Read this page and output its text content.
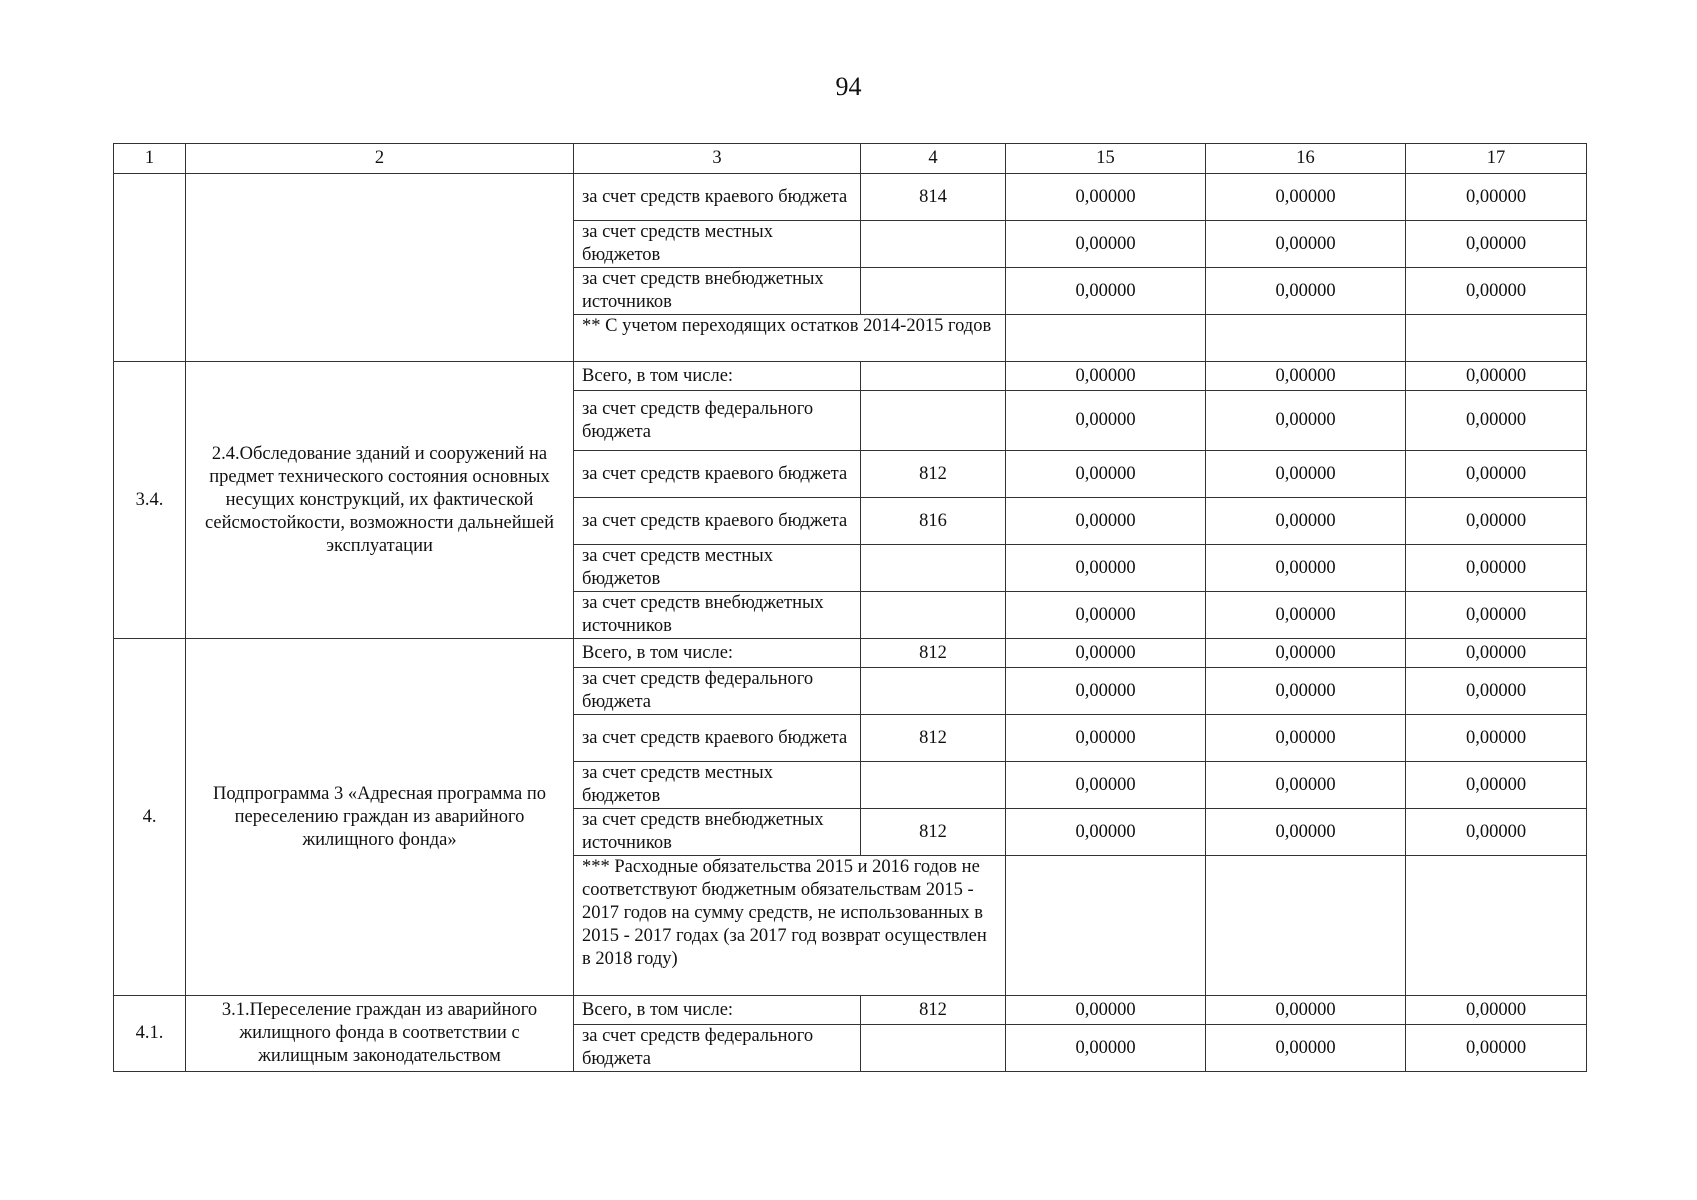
94
1	2	3	4	15	16	17
		за счет средств краевого бюджета	814	0,00000	0,00000	0,00000
		за счет средств местных бюджетов		0,00000	0,00000	0,00000
		за счет средств внебюджетных источников		0,00000	0,00000	0,00000
		** С учетом переходящих остатков 2014-2015 годов				
3.4.	2.4.Обследование зданий и сооружений на предмет технического состояния основных несущих конструкций, их фактической сейсмостойкости, возможности дальнейшей эксплуатации	Всего, в том числе:		0,00000	0,00000	0,00000
		за счет средств федерального бюджета		0,00000	0,00000	0,00000
		за счет средств краевого бюджета	812	0,00000	0,00000	0,00000
		за счет средств краевого бюджета	816	0,00000	0,00000	0,00000
		за счет средств местных бюджетов		0,00000	0,00000	0,00000
		за счет средств внебюджетных источников		0,00000	0,00000	0,00000
4.	Подпрограмма 3 «Адресная программа по переселению граждан из аварийного жилищного фонда»	Всего, в том числе:	812	0,00000	0,00000	0,00000
		за счет средств федерального бюджета		0,00000	0,00000	0,00000
		за счет средств краевого бюджета	812	0,00000	0,00000	0,00000
		за счет средств местных бюджетов		0,00000	0,00000	0,00000
		за счет средств внебюджетных источников	812	0,00000	0,00000	0,00000
		*** Расходные обязательства 2015 и 2016 годов не соответствуют бюджетным обязательствам 2015 - 2017 годов на сумму средств, не использованных в 2015 - 2017 годах (за 2017 год возврат осуществлен в 2018 году)				
4.1.	3.1.Переселение граждан из аварийного жилищного фонда в соответствии с жилищным законодательством	Всего, в том числе:	812	0,00000	0,00000	0,00000
		за счет средств федерального бюджета		0,00000	0,00000	0,00000
